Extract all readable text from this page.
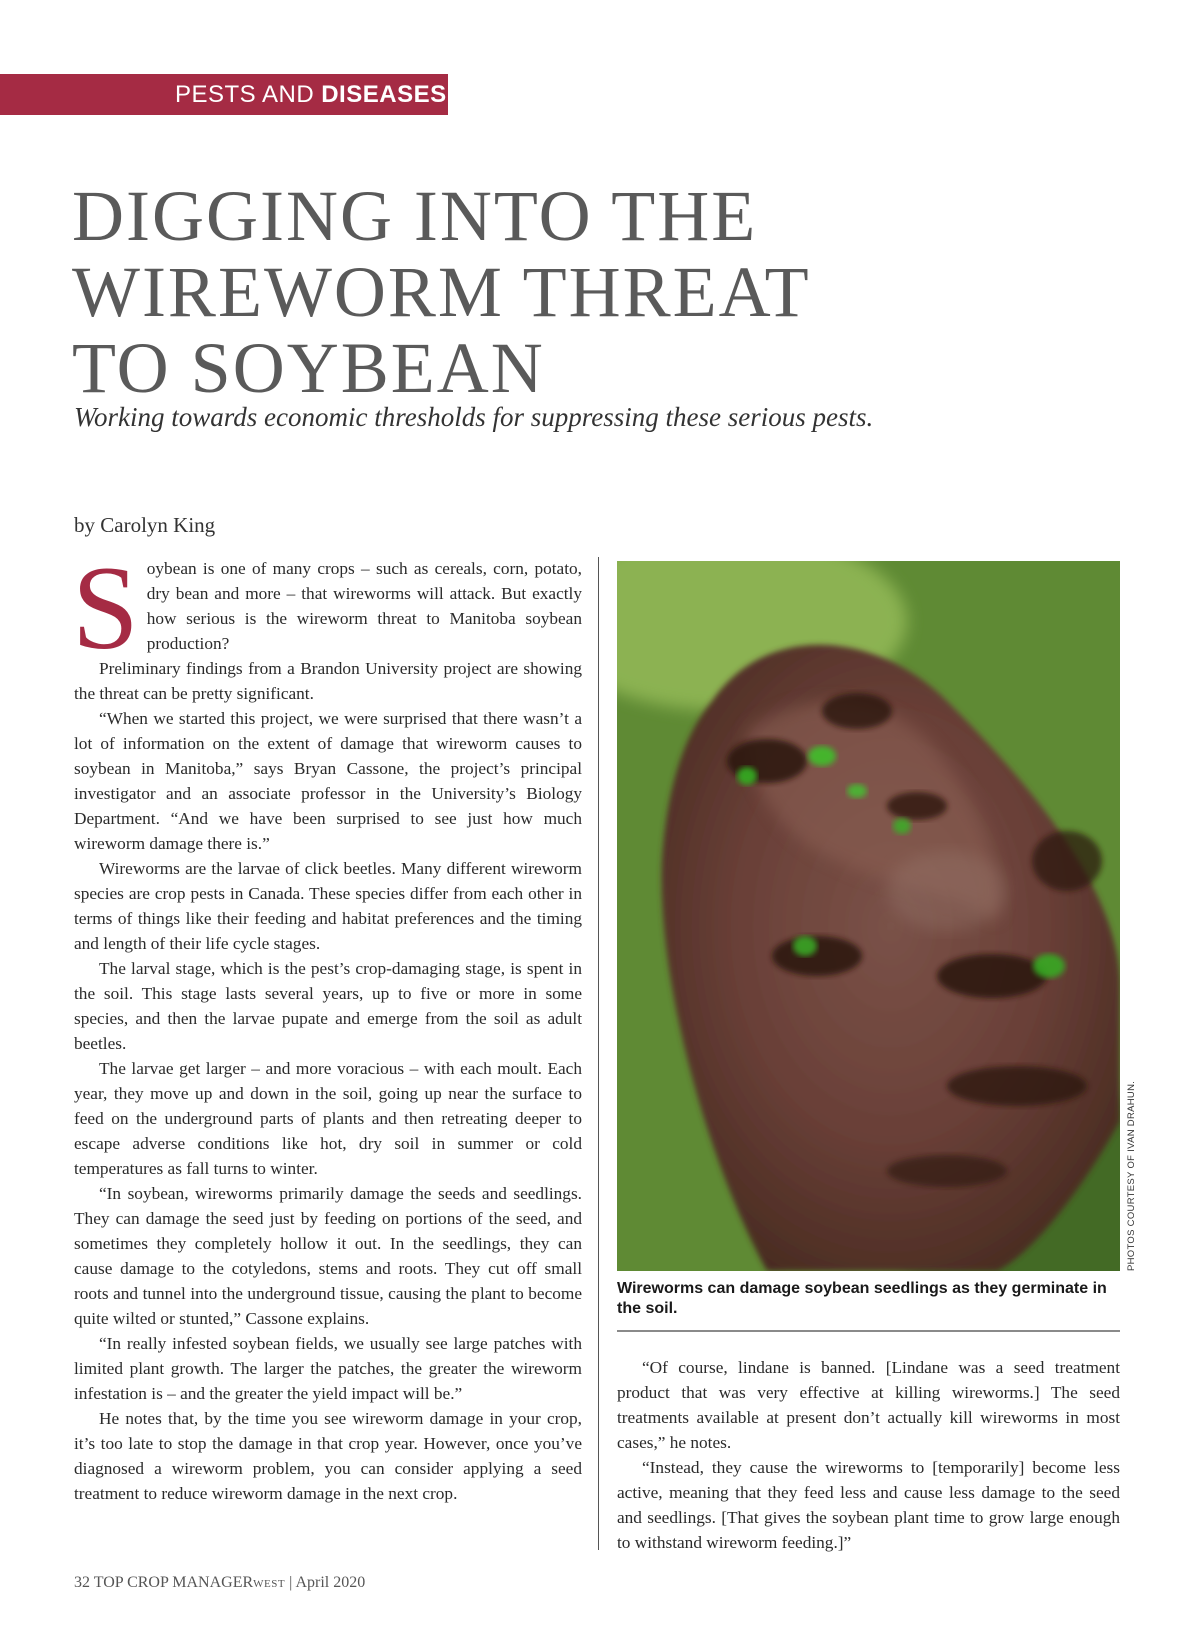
PESTS AND DISEASES
DIGGING INTO THE
WIREWORM THREAT
TO SOYBEAN
Working towards economic thresholds for suppressing these serious pests.
by Carolyn King

Soybean is one of many crops – such as cereals, corn, potato, dry bean and more – that wireworms will attack. But exactly how serious is the wireworm threat to Manitoba soybean production?

Preliminary findings from a Brandon University project are showing the threat can be pretty significant.

“When we started this project, we were surprised that there wasn’t a lot of information on the extent of damage that wireworm causes to soybean in Manitoba,” says Bryan Cassone, the project’s principal investigator and an associate professor in the University’s Biology Department. “And we have been surprised to see just how much wireworm damage there is.”

Wireworms are the larvae of click beetles. Many different wireworm species are crop pests in Canada. These species differ from each other in terms of things like their feeding and habitat preferences and the timing and length of their life cycle stages.

The larval stage, which is the pest’s crop-damaging stage, is spent in the soil. This stage lasts several years, up to five or more in some species, and then the larvae pupate and emerge from the soil as adult beetles.

The larvae get larger – and more voracious – with each moult. Each year, they move up and down in the soil, going up near the surface to feed on the underground parts of plants and then retreating deeper to escape adverse conditions like hot, dry soil in summer or cold temperatures as fall turns to winter.

“In soybean, wireworms primarily damage the seeds and seedlings. They can damage the seed just by feeding on portions of the seed, and sometimes they completely hollow it out. In the seedlings, they can cause damage to the cotyledons, stems and roots. They cut off small roots and tunnel into the underground tissue, causing the plant to become quite wilted or stunted,” Cassone explains.

“In really infested soybean fields, we usually see large patches with limited plant growth. The larger the patches, the greater the wireworm infestation is – and the greater the yield impact will be.”

He notes that, by the time you see wireworm damage in your crop, it’s too late to stop the damage in that crop year. However, once you’ve diagnosed a wireworm problem, you can consider applying a seed treatment to reduce wireworm damage in the next crop.

PHOTOS COURTESY OF IVAN DRAHUN.
Wireworms can damage soybean seedlings as they germinate in the soil.

“Of course, lindane is banned. [Lindane was a seed treatment product that was very effective at killing wireworms.] The seed treatments available at present don’t actually kill wireworms in most cases,” he notes.

“Instead, they cause the wireworms to [temporarily] become less active, meaning that they feed less and cause less damage to the seed and seedlings. [That gives the soybean plant time to grow large enough to withstand wireworm feeding.]”

32 TOP CROP MANAGERWEST | April 2020
